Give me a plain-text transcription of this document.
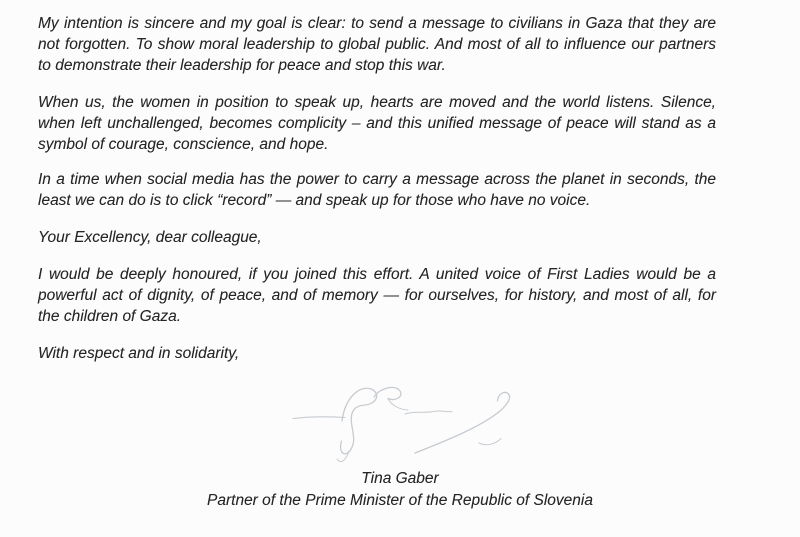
My intention is sincere and my goal is clear: to send a message to civilians in Gaza that they are not forgotten. To show moral leadership to global public. And most of all to influence our partners to demonstrate their leadership for peace and stop this war.

When us, the women in position to speak up, hearts are moved and the world listens. Silence, when left unchallenged, becomes complicity – and this unified message of peace will stand as a symbol of courage, conscience, and hope.

In a time when social media has the power to carry a message across the planet in seconds, the least we can do is to click “record” — and speak up for those who have no voice.

Your Excellency, dear colleague,

I would be deeply honoured, if you joined this effort. A united voice of First Ladies would be a powerful act of dignity, of peace, and of memory — for ourselves, for history, and most of all, for the children of Gaza.

With respect and in solidarity,

Tina Gaber
Partner of the Prime Minister of the Republic of Slovenia
